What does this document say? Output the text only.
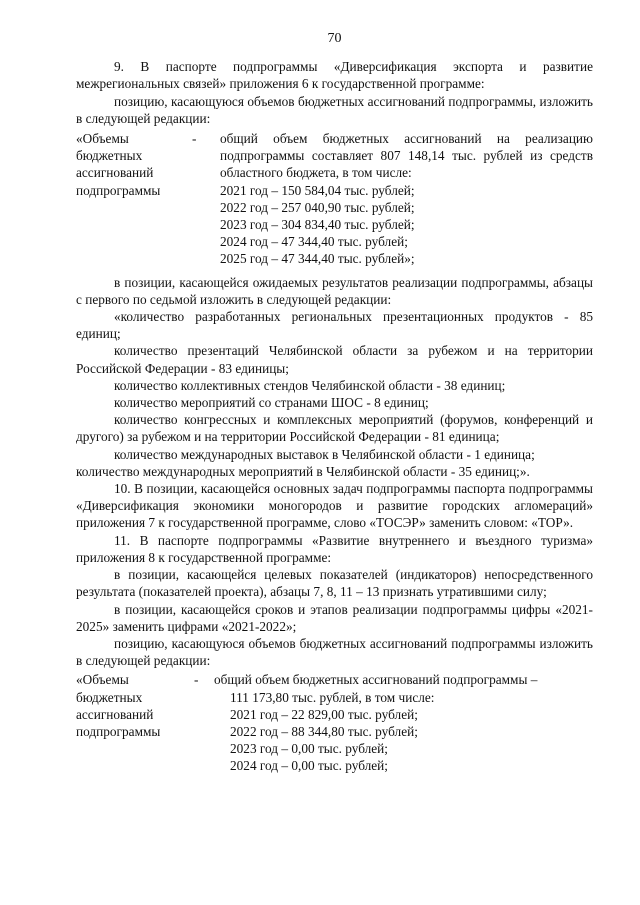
70

9. В паспорте подпрограммы «Диверсификация экспорта и развитие межрегиональных связей» приложения 6 к государственной программе:

позицию, касающуюся объемов бюджетных ассигнований подпрограммы, изложить в следующей редакции:

«Объемы бюджетных ассигнований подпрограммы
-	общий объем бюджетных ассигнований на реализацию подпрограммы составляет 807 148,14 тыс. рублей из средств областного бюджета, в том числе:

2021 год – 150 584,04 тыс. рублей;
2022 год – 257 040,90 тыс. рублей;
2023 год – 304 834,40 тыс. рублей;
2024 год – 47 344,40 тыс. рублей;
2025 год – 47 344,40 тыс. рублей»;

в позиции, касающейся ожидаемых результатов реализации подпрограммы, абзацы с первого по седьмой изложить в следующей редакции:

«количество разработанных региональных презентационных продуктов - 85 единиц;

количество презентаций Челябинской области за рубежом и на территории Российской Федерации - 83 единицы;

количество коллективных стендов Челябинской области - 38 единиц;

количество мероприятий со странами ШОС - 8 единиц;

количество конгрессных и комплексных мероприятий (форумов, конференций и другого) за рубежом и на территории Российской Федерации - 81 единица;

количество международных выставок в Челябинской области - 1 единица;

количество международных мероприятий в Челябинской области - 35 единиц;».

10. В позиции, касающейся основных задач подпрограммы паспорта подпрограммы «Диверсификация экономики моногородов и развитие городских агломераций» приложения 7 к государственной программе, слово «ТОСЭР» заменить словом: «ТОР».

11. В паспорте подпрограммы «Развитие внутреннего и въездного туризма» приложения 8 к государственной программе:

в позиции, касающейся целевых показателей (индикаторов) непосредственного результата (показателей проекта), абзацы 7, 8, 11 – 13 признать утратившими силу;

в позиции, касающейся сроков и этапов реализации подпрограммы цифры «2021-2025» заменить цифрами «2021-2022»;

позицию, касающуюся объемов бюджетных ассигнований подпрограммы изложить в следующей редакции:

«Объемы бюджетных ассигнований подпрограммы
-	общий объем бюджетных ассигнований подпрограммы –
111 173,80 тыс. рублей, в том числе:
2021 год – 22 829,00 тыс. рублей;
2022 год – 88 344,80 тыс. рублей;
2023 год – 0,00 тыс. рублей;
2024 год – 0,00 тыс. рублей;
